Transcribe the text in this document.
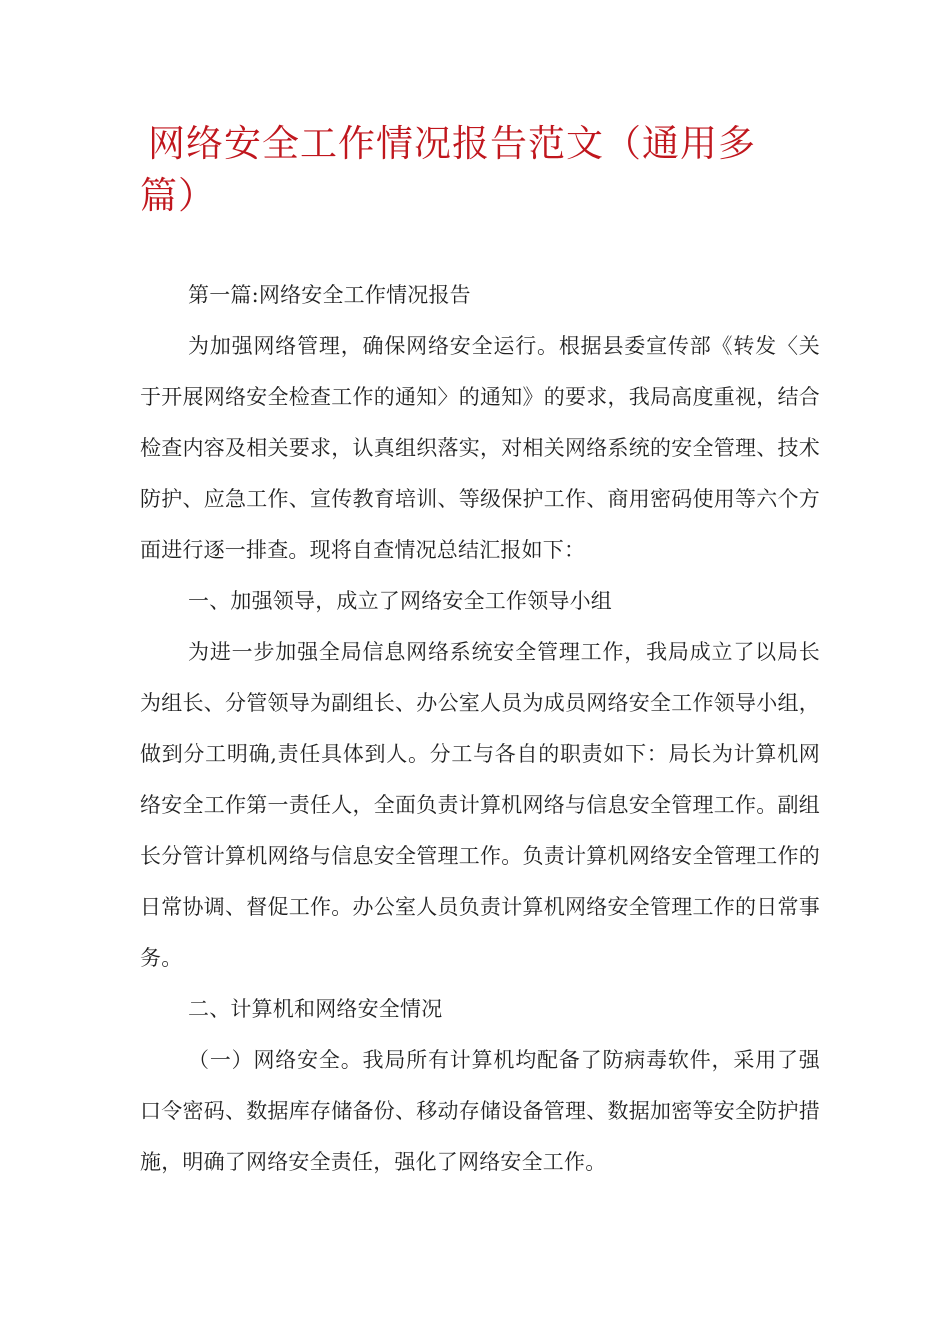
网络安全工作情况报告范文（通用多篇）

第一篇:网络安全工作情况报告

为加强网络管理，确保网络安全运行。根据县委宣传部《转发〈关于开展网络安全检查工作的通知〉的通知》的要求，我局高度重视，结合检查内容及相关要求，认真组织落实，对相关网络系统的安全管理、技术防护、应急工作、宣传教育培训、等级保护工作、商用密码使用等六个方面进行逐一排查。现将自查情况总结汇报如下：

一、加强领导，成立了网络安全工作领导小组

为进一步加强全局信息网络系统安全管理工作，我局成立了以局长为组长、分管领导为副组长、办公室人员为成员网络安全工作领导小组，做到分工明确,责任具体到人。分工与各自的职责如下：局长为计算机网络安全工作第一责任人，全面负责计算机网络与信息安全管理工作。副组长分管计算机网络与信息安全管理工作。负责计算机网络安全管理工作的日常协调、督促工作。办公室人员负责计算机网络安全管理工作的日常事务。

二、计算机和网络安全情况

（一）网络安全。我局所有计算机均配备了防病毒软件，采用了强口令密码、数据库存储备份、移动存储设备管理、数据加密等安全防护措施，明确了网络安全责任，强化了网络安全工作。
